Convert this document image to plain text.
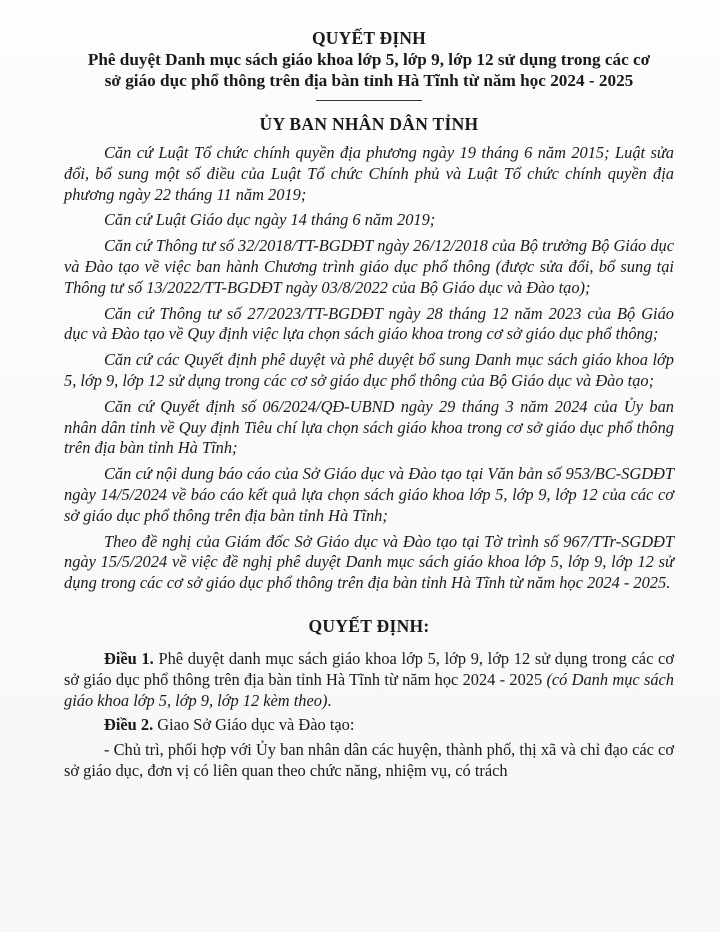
QUYẾT ĐỊNH
Phê duyệt Danh mục sách giáo khoa lớp 5, lớp 9, lớp 12 sử dụng trong các cơ
sở giáo dục phổ thông trên địa bàn tỉnh Hà Tĩnh từ năm học 2024 - 2025
ỦY BAN NHÂN DÂN TỈNH

Căn cứ Luật Tổ chức chính quyền địa phương ngày 19 tháng 6 năm 2015; Luật sửa đổi, bổ sung một số điều của Luật Tổ chức Chính phủ và Luật Tổ chức chính quyền địa phương ngày 22 tháng 11 năm 2019;

Căn cứ Luật Giáo dục ngày 14 tháng 6 năm 2019;

Căn cứ Thông tư số 32/2018/TT-BGDĐT ngày 26/12/2018 của Bộ trưởng Bộ Giáo dục và Đào tạo về việc ban hành Chương trình giáo dục phổ thông (được sửa đổi, bổ sung tại Thông tư số 13/2022/TT-BGDĐT ngày 03/8/2022 của Bộ Giáo dục và Đào tạo);

Căn cứ Thông tư số 27/2023/TT-BGDĐT ngày 28 tháng 12 năm 2023 của Bộ Giáo dục và Đào tạo về Quy định việc lựa chọn sách giáo khoa trong cơ sở giáo dục phổ thông;

Căn cứ các Quyết định phê duyệt và phê duyệt bổ sung Danh mục sách giáo khoa lớp 5, lớp 9, lớp 12 sử dụng trong các cơ sở giáo dục phổ thông của Bộ Giáo dục và Đào tạo;

Căn cứ Quyết định số 06/2024/QĐ-UBND ngày 29 tháng 3 năm 2024 của Ủy ban nhân dân tỉnh về Quy định Tiêu chí lựa chọn sách giáo khoa trong cơ sở giáo dục phổ thông trên địa bàn tỉnh Hà Tĩnh;

Căn cứ nội dung báo cáo của Sở Giáo dục và Đào tạo tại Văn bản số 953/BC-SGDĐT ngày 14/5/2024 về báo cáo kết quả lựa chọn sách giáo khoa lớp 5, lớp 9, lớp 12 của các cơ sở giáo dục phổ thông trên địa bàn tỉnh Hà Tĩnh;

Theo đề nghị của Giám đốc Sở Giáo dục và Đào tạo tại Tờ trình số 967/TTr-SGDĐT ngày 15/5/2024 về việc đề nghị phê duyệt Danh mục sách giáo khoa lớp 5, lớp 9, lớp 12 sử dụng trong các cơ sở giáo dục phổ thông trên địa bàn tỉnh Hà Tĩnh từ năm học 2024 - 2025.

QUYẾT ĐỊNH:

Điều 1. Phê duyệt danh mục sách giáo khoa lớp 5, lớp 9, lớp 12 sử dụng trong các cơ sở giáo dục phổ thông trên địa bàn tỉnh Hà Tĩnh từ năm học 2024 - 2025 (có Danh mục sách giáo khoa lớp 5, lớp 9, lớp 12 kèm theo).

Điều 2. Giao Sở Giáo dục và Đào tạo:

- Chủ trì, phối hợp với Ủy ban nhân dân các huyện, thành phố, thị xã và chỉ đạo các cơ sở giáo dục, đơn vị có liên quan theo chức năng, nhiệm vụ, có trách
